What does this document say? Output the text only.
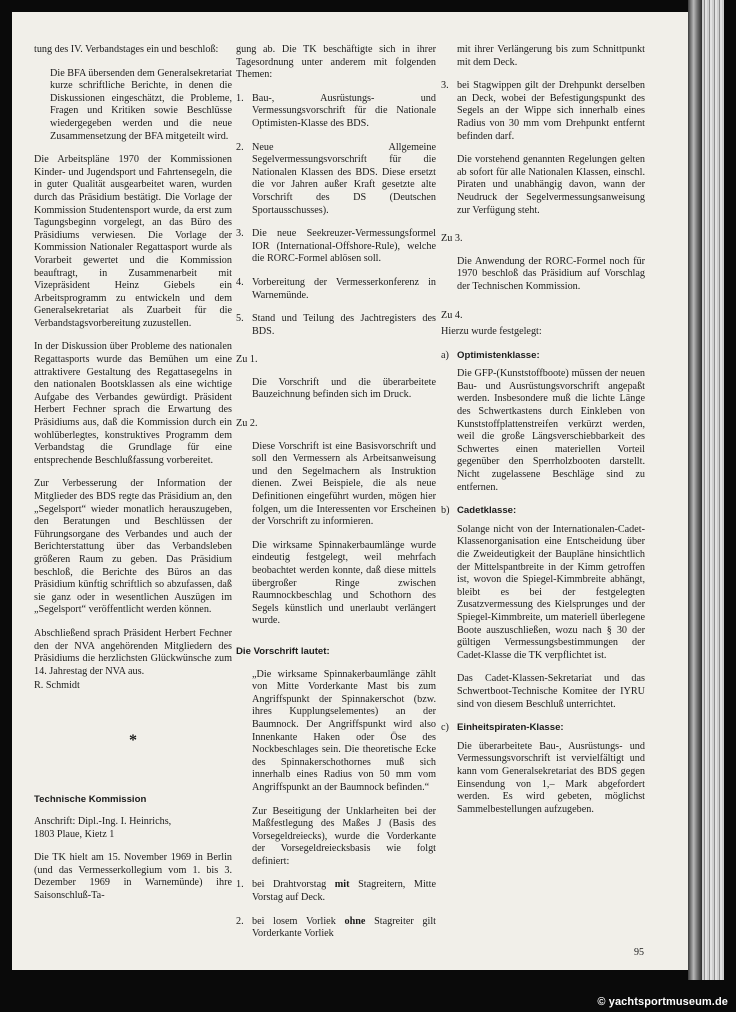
tung des IV. Verbandstages ein und beschloß:

Die BFA übersenden dem Generalsekretariat kurze schriftliche Berichte, in denen die Diskussionen eingeschätzt, die Probleme, Fragen und Kritiken sowie Beschlüsse wiedergegeben werden und die neue Zusammensetzung der BFA mitgeteilt wird.

Die Arbeitspläne 1970 der Kommissionen Kinder- und Jugendsport und Fahrtensegeln, die in guter Qualität ausgearbeitet waren, wurden durch das Präsidium bestätigt. Die Vorlage der Kommission Studentensport wurde, da erst zum Tagungsbeginn vorgelegt, an das Büro des Präsidiums verwiesen. Die Vorlage der Kommission Nationaler Regattasport wurde als Vorarbeit gewertet und die Kommission beauftragt, in Zusammenarbeit mit Vizepräsident Heinz Giebels ein Arbeitsprogramm zu entwickeln und dem Generalsekretariat als Zuarbeit für die Verbandstagsvorbereitung zuzustellen.

In der Diskussion über Probleme des nationalen Regattasports wurde das Bemühen um eine attraktivere Gestaltung des Regattasegelns in den nationalen Bootsklassen als eine wichtige Aufgabe des Verbandes gewürdigt. Präsident Herbert Fechner sprach die Erwartung des Präsidiums aus, daß die Kommission durch ein wohlüberlegtes, konstruktives Programm dem Verbandstag die Grundlage für eine entsprechende Beschlußfassung vorbereitet.

Zur Verbesserung der Information der Mitglieder des BDS regte das Präsidium an, den „Segelsport“ wieder monatlich herauszugeben, den Beratungen und Beschlüssen der Führungsorgane des Verbandes und auch der Berichterstattung über das Verbandsleben größeren Raum zu geben. Das Präsidium beschloß, die Berichte des Büros an das Präsidium künftig schriftlich so abzufassen, daß sie ganz oder in wesentlichen Auszügen im „Segelsport“ veröffentlicht werden können.

Abschließend sprach Präsident Herbert Fechner den der NVA angehörenden Mitgliedern des Präsidiums die herzlichsten Glückwünsche zum 14. Jahrestag der NVA aus.

R. Schmidt

*
Technische Kommission

Anschrift: Dipl.-Ing. I. Heinrichs,
1803 Plaue, Kietz 1

Die TK hielt am 15. November 1969 in Berlin (und das Vermesserkollegium vom 1. bis 3. Dezember 1969 in Warnemünde) ihre Saisonschluß-Ta-

gung ab. Die TK beschäftigte sich in ihrer Tagesordnung unter anderem mit folgenden Themen:

1. Bau-, Ausrüstungs- und Vermessungsvorschrift für die Nationale Optimisten-Klasse des BDS.
2. Neue Allgemeine Segelvermessungsvorschrift für die Nationalen Klassen des BDS. Diese ersetzt die vor Jahren außer Kraft gesetzte alte Vorschrift des DS (Deutschen Sportausschusses).
3. Die neue Seekreuzer-Vermessungsformel IOR (International-Offshore-Rule), welche die RORC-Formel ablösen soll.
4. Vorbereitung der Vermesserkonferenz in Warnemünde.
5. Stand und Teilung des Jachtregisters des BDS.
Zu 1.

Die Vorschrift und die überarbeitete Bauzeichnung befinden sich im Druck.

Zu 2.

Diese Vorschrift ist eine Basisvorschrift und soll den Vermessern als Arbeitsanweisung und den Segelmachern als Instruktion dienen. Zwei Beispiele, die als neue Definitionen eingeführt wurden, mögen hier folgen, um die Interessenten vor Erscheinen der Vorschrift zu informieren.

Die wirksame Spinnakerbaumlänge wurde eindeutig festgelegt, weil mehrfach beobachtet werden konnte, daß diese mittels übergroßer Ringe zwischen Raumnockbeschlag und Schothorn des Segels künstlich und unerlaubt verlängert wurde.

Die Vorschrift lautet:

„Die wirksame Spinnakerbaumlänge zählt von Mitte Vorderkante Mast bis zum Angriffspunkt der Spinnakerschot (bzw. ihres Kupplungselementes) an der Baumnock. Der Angriffspunkt wird also Innenkante Haken oder Öse des Nockbeschlages sein. Die theoretische Ecke des Spinnakerschothornes muß sich innerhalb eines Radius von 50 mm vom Angriffspunkt an der Baumnock befinden.“

Zur Beseitigung der Unklarheiten bei der Maßfestlegung des Maßes J (Basis des Vorsegeldreiecks), wurde die Vorderkante der Vorsegeldreiecksbasis wie folgt definiert:

1. bei Drahtvorstag mit Stagreitern, Mitte Vorstag auf Deck.
2. bei losem Vorliek ohne Stagreiter gilt Vorderkante Vorliek

mit ihrer Verlängerung bis zum Schnittpunkt mit dem Deck.

3. bei Stagwippen gilt der Drehpunkt derselben an Deck, wobei der Befestigungspunkt des Segels an der Wippe sich innerhalb eines Radius von 30 mm vom Drehpunkt entfernt befinden darf.

Die vorstehend genannten Regelungen gelten ab sofort für alle Nationalen Klassen, einschl. Piraten und unabhängig davon, wann der Neudruck der Segelvermessungsanweisung zur Verfügung steht.

Zu 3.

Die Anwendung der RORC-Formel noch für 1970 beschloß das Präsidium auf Vorschlag der Technischen Kommission.

Zu 4.

Hierzu wurde festgelegt:

a) Optimistenklasse:

Die GFP-(Kunststoffboote) müssen der neuen Bau- und Ausrüstungsvorschrift angepaßt werden. Insbesondere muß die lichte Länge des Schwertkastens durch Einkleben von Kunststoffplattenstreifen verkürzt werden, weil die große Längsverschiebbarkeit des Schwertes einen materiellen Vorteil gegenüber den Sperrholzbooten darstellt. Nicht zugelassene Beschläge sind zu entfernen.

b) Cadetklasse:

Solange nicht von der Internationalen-Cadet-Klassenorganisation eine Entscheidung über die Zweideutigkeit der Baupläne hinsichtlich der Mittelspantbreite in der Kimm getroffen ist, wovon die Spiegel-Kimmbreite abhängt, bleibt es bei der festgelegten Zusatzvermessung des Kielsprunges und der Spiegel-Kimmbreite, um materiell überlegene Boote auszuschließen, wozu nach § 30 der gültigen Vermessungsbestimmungen der Cadet-Klasse die TK verpflichtet ist.

Das Cadet-Klassen-Sekretariat und das Schwertboot-Technische Komitee der IYRU sind von diesem Beschluß unterrichtet.

c) Einheitspiraten-Klasse:

Die überarbeitete Bau-, Ausrüstungs- und Vermessungsvorschrift ist vervielfältigt und kann vom Generalsekretariat des BDS gegen Einsendung von 1,– Mark abgefordert werden. Es wird gebeten, möglichst Sammelbestellungen aufzugeben.

95
© yachtsportmuseum.de
